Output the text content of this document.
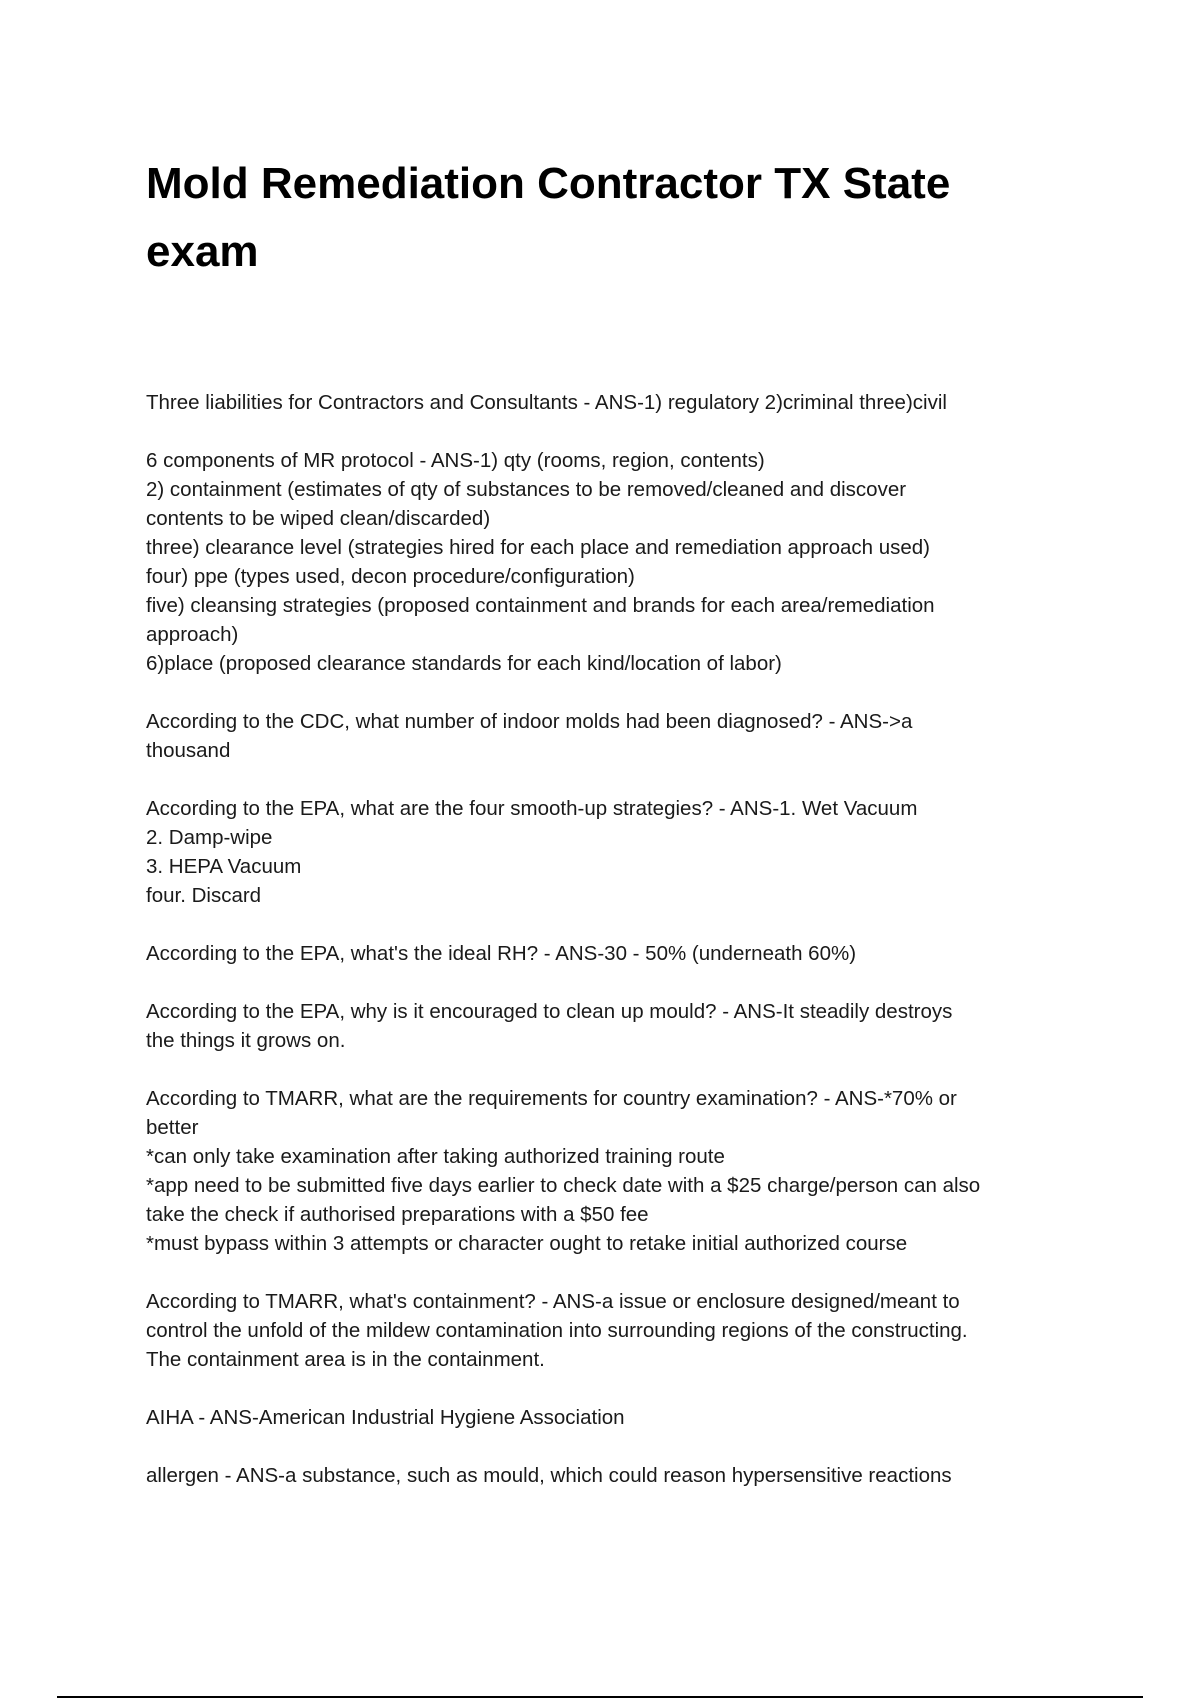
Mold Remediation Contractor TX State
exam
Three liabilities for Contractors and Consultants - ANS-1) regulatory 2)criminal three)civil
6 components of MR protocol - ANS-1) qty (rooms, region, contents)
2) containment (estimates of qty of substances to be removed/cleaned and discover
contents to be wiped clean/discarded)
three) clearance level (strategies hired for each place and remediation approach used)
four) ppe (types used, decon procedure/configuration)
five) cleansing strategies (proposed containment and brands for each area/remediation
approach)
6)place (proposed clearance standards for each kind/location of labor)
According to the CDC, what number of indoor molds had been diagnosed? - ANS->a
thousand
According to the EPA, what are the four smooth-up strategies? - ANS-1. Wet Vacuum
2. Damp-wipe
3. HEPA Vacuum
four. Discard
According to the EPA, what's the ideal RH? - ANS-30 - 50% (underneath 60%)
According to the EPA, why is it encouraged to clean up mould? - ANS-It steadily destroys
the things it grows on.
According to TMARR, what are the requirements for country examination? - ANS-*70% or
better
*can only take examination after taking authorized training route
*app need to be submitted five days earlier to check date with a $25 charge/person can also
take the check if authorised preparations with a $50 fee
*must bypass within 3 attempts or character ought to retake initial authorized course
According to TMARR, what's containment? - ANS-a issue or enclosure designed/meant to
control the unfold of the mildew contamination into surrounding regions of the constructing.
The containment area is in the containment.
AIHA - ANS-American Industrial Hygiene Association
allergen - ANS-a substance, such as mould, which could reason hypersensitive reactions
